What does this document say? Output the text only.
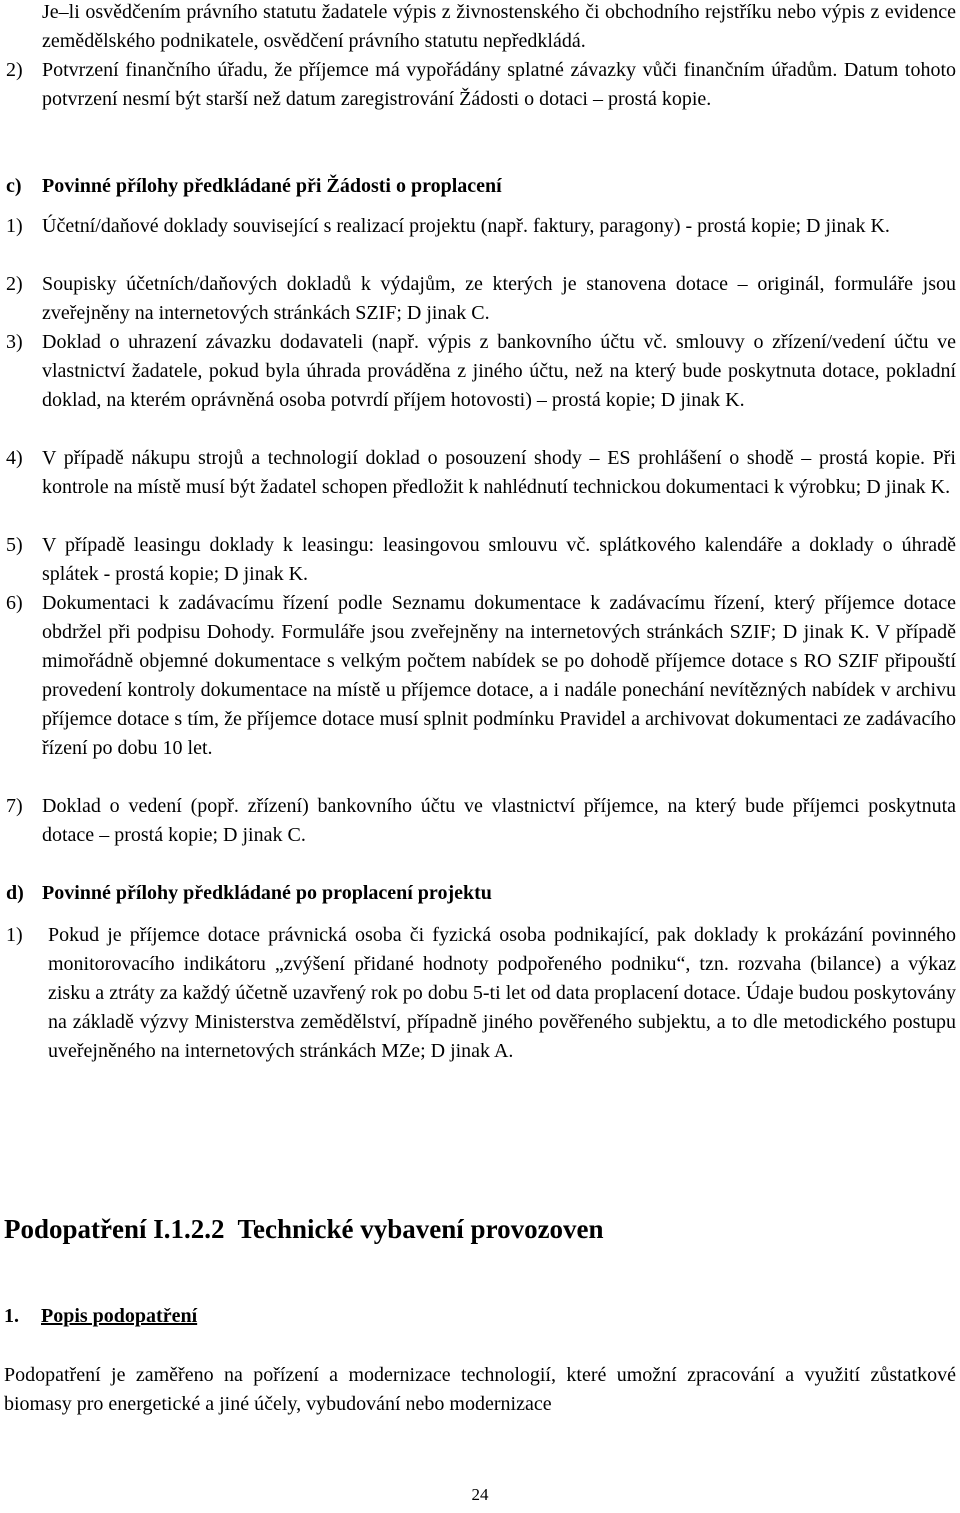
Je–li osvědčením právního statutu žadatele výpis z živnostenského či obchodního rejstříku nebo výpis z evidence zemědělského podnikatele, osvědčení právního statutu nepředkládá.

2) Potvrzení finančního úřadu, že příjemce má vypořádány splatné závazky vůči finančním úřadům. Datum tohoto potvrzení nesmí být starší než datum zaregistrování Žádosti o dotaci – prostá kopie.

c) Povinné přílohy předkládané při Žádosti o proplacení
1) Účetní/daňové doklady související s realizací projektu (např. faktury, paragony) - prostá kopie; D jinak K.

2) Soupisky účetních/daňových dokladů k výdajům, ze kterých je stanovena dotace – originál, formuláře jsou zveřejněny na internetových stránkách SZIF; D jinak C.

3) Doklad o uhrazení závazku dodavateli (např. výpis z bankovního účtu vč. smlouvy o zřízení/vedení účtu ve vlastnictví žadatele, pokud byla úhrada prováděna z jiného účtu, než na který bude poskytnuta dotace, pokladní doklad, na kterém oprávněná osoba potvrdí příjem hotovosti) – prostá kopie; D jinak K.

4) V případě nákupu strojů a technologií doklad o posouzení shody – ES prohlášení o shodě – prostá kopie. Při kontrole na místě musí být žadatel schopen předložit k nahlédnutí technickou dokumentaci k výrobku; D jinak K.

5) V případě leasingu doklady k leasingu: leasingovou smlouvu vč. splátkového kalendáře a doklady o úhradě splátek - prostá kopie; D jinak K.

6) Dokumentaci k zadávacímu řízení podle Seznamu dokumentace k zadávacímu řízení, který příjemce dotace obdržel při podpisu Dohody. Formuláře jsou zveřejněny na internetových stránkách SZIF; D jinak K. V případě mimořádně objemné dokumentace s velkým počtem nabídek se po dohodě příjemce dotace s RO SZIF připouští provedení kontroly dokumentace na místě u příjemce dotace, a i nadále ponechání nevítězných nabídek v archivu příjemce dotace s tím, že příjemce dotace musí splnit podmínku Pravidel a archivovat dokumentaci ze zadávacího řízení po dobu 10 let.

7) Doklad o vedení (popř. zřízení) bankovního účtu ve vlastnictví příjemce, na který bude příjemci poskytnuta dotace – prostá kopie; D jinak C.

d) Povinné přílohy předkládané po proplacení projektu
1)	Pokud je příjemce dotace právnická osoba či fyzická osoba podnikající, pak doklady k prokázání povinného monitorovacího indikátoru „zvýšení přidané hodnoty podpořeného podniku“, tzn. rozvaha (bilance) a výkaz zisku a ztráty za každý účetně uzavřený rok po dobu 5-ti let od data proplacení dotace. Údaje budou poskytovány na základě výzvy Ministerstva zemědělství, případně jiného pověřeného subjektu, a to dle metodického postupu uveřejněného na internetových stránkách MZe; D jinak A.

Podopatření I.1.2.2  Technické vybavení provozoven
1. Popis podopatření

Podopatření je zaměřeno na pořízení a modernizace technologií, které umožní zpracování a využití zůstatkové biomasy pro energetické a jiné účely, vybudování nebo modernizace

24
